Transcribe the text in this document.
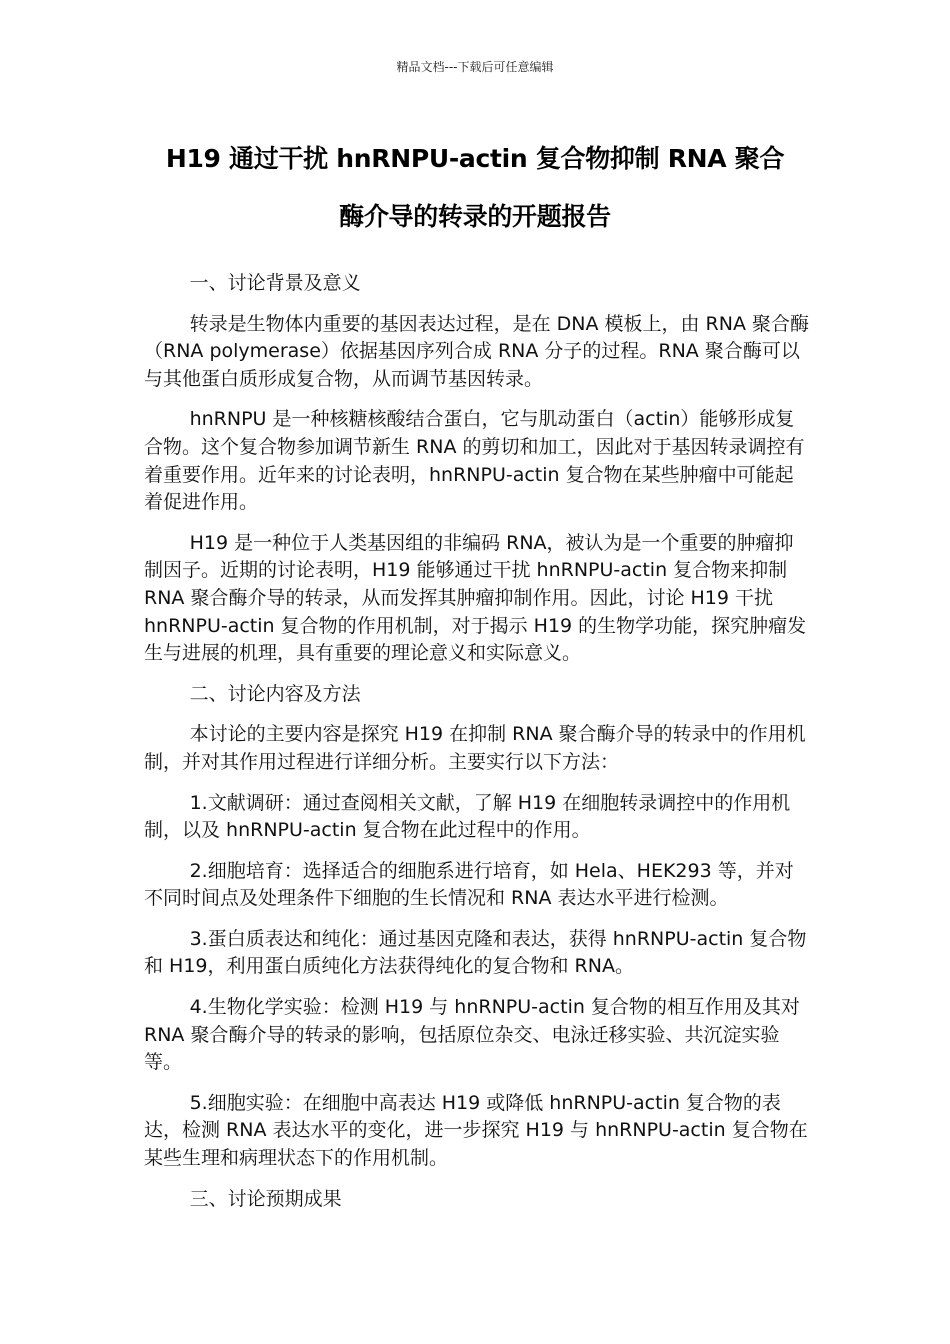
精品文档---下载后可任意编辑
H19 通过干扰 hnRNPU-actin 复合物抑制 RNA 聚合
酶介导的转录的开题报告

一、讨论背景及意义

转录是生物体内重要的基因表达过程，是在 DNA 模板上，由 RNA 聚合酶（RNA polymerase）依据基因序列合成 RNA 分子的过程。RNA 聚合酶可以与其他蛋白质形成复合物，从而调节基因转录。

hnRNPU 是一种核糖核酸结合蛋白，它与肌动蛋白（actin）能够形成复合物。这个复合物参加调节新生 RNA 的剪切和加工，因此对于基因转录调控有着重要作用。近年来的讨论表明，hnRNPU-actin 复合物在某些肿瘤中可能起着促进作用。

H19 是一种位于人类基因组的非编码 RNA，被认为是一个重要的肿瘤抑制因子。近期的讨论表明，H19 能够通过干扰 hnRNPU-actin 复合物来抑制 RNA 聚合酶介导的转录，从而发挥其肿瘤抑制作用。因此，讨论 H19 干扰 hnRNPU-actin 复合物的作用机制，对于揭示 H19 的生物学功能，探究肿瘤发生与进展的机理，具有重要的理论意义和实际意义。

二、讨论内容及方法

本讨论的主要内容是探究 H19 在抑制 RNA 聚合酶介导的转录中的作用机制，并对其作用过程进行详细分析。主要实行以下方法：

1.文献调研：通过查阅相关文献，了解 H19 在细胞转录调控中的作用机制，以及 hnRNPU-actin 复合物在此过程中的作用。

2.细胞培育：选择适合的细胞系进行培育，如 Hela、HEK293 等，并对不同时间点及处理条件下细胞的生长情况和 RNA 表达水平进行检测。

3.蛋白质表达和纯化：通过基因克隆和表达，获得 hnRNPU-actin 复合物和 H19，利用蛋白质纯化方法获得纯化的复合物和 RNA。

4.生物化学实验：检测 H19 与 hnRNPU-actin 复合物的相互作用及其对 RNA 聚合酶介导的转录的影响，包括原位杂交、电泳迁移实验、共沉淀实验等。

5.细胞实验：在细胞中高表达 H19 或降低 hnRNPU-actin 复合物的表达，检测 RNA 表达水平的变化，进一步探究 H19 与 hnRNPU-actin 复合物在某些生理和病理状态下的作用机制。

三、讨论预期成果
